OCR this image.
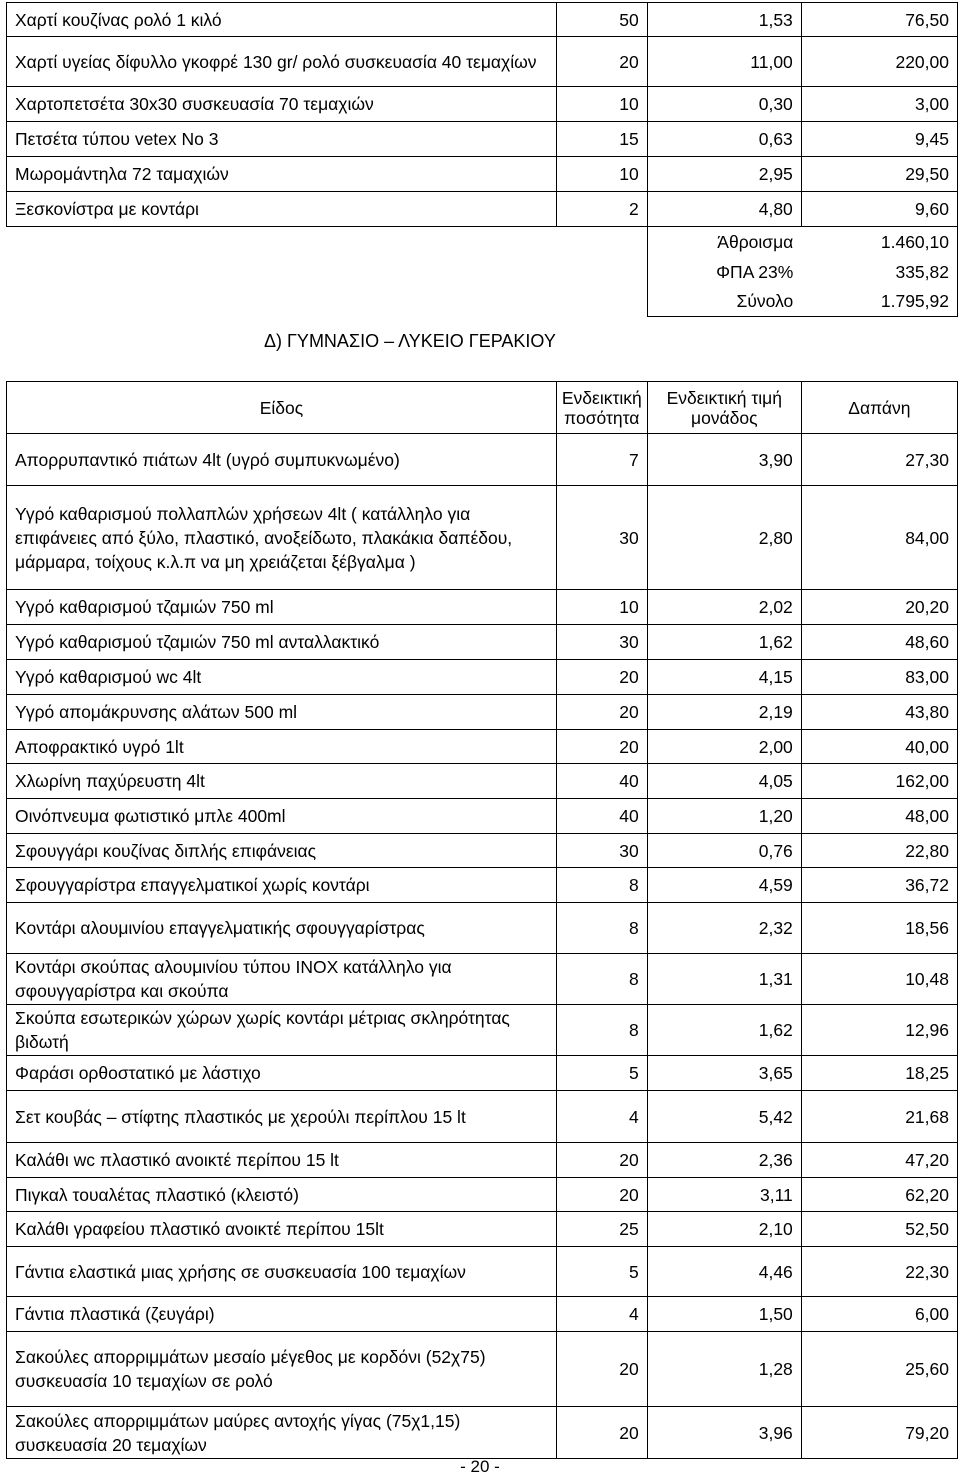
Χαρτί κουζίνας ρολό 1 κιλό	50	1,53	76,50
Χαρτί υγείας δίφυλλο γκοφρέ 130 gr/ ρολό συσκευασία 40 τεμαχίων	20	11,00	220,00
Χαρτοπετσέτα 30x30 συσκευασία 70 τεμαχιών	10	0,30	3,00
Πετσέτα τύπου vetex No 3	15	0,63	9,45
Μωρομάντηλα 72 ταμαχιών	10	2,95	29,50
Ξεσκονίστρα με κοντάρι	2	4,80	9,60
		Άθροισμα	1.460,10
		ΦΠΑ 23%	335,82
		Σύνολο	1.795,92
Δ) ΓΥΜΝΑΣΙΟ – ΛΥΚΕΙΟ ΓΕΡΑΚΙΟΥ
Είδος	Ενδεικτική ποσότητα	Ενδεικτική τιμή μονάδος	Δαπάνη
Απορρυπαντικό πιάτων 4lt (υγρό συμπυκνωμένο)	7	3,90	27,30
Υγρό καθαρισμού πολλαπλών χρήσεων 4lt ( κατάλληλο για επιφάνειες από ξύλο, πλαστικό, ανοξείδωτο, πλακάκια δαπέδου, μάρμαρα, τοίχους κ.λ.π να μη χρειάζεται ξέβγαλμα )	30	2,80	84,00
Υγρό καθαρισμού τζαμιών 750 ml	10	2,02	20,20
Υγρό καθαρισμού τζαμιών 750 ml ανταλλακτικό	30	1,62	48,60
Υγρό καθαρισμού wc 4lt	20	4,15	83,00
Υγρό απομάκρυνσης αλάτων 500 ml	20	2,19	43,80
Αποφρακτικό υγρό 1lt	20	2,00	40,00
Χλωρίνη παχύρευστη 4lt	40	4,05	162,00
Οινόπνευμα φωτιστικό μπλε 400ml	40	1,20	48,00
Σφουγγάρι κουζίνας διπλής επιφάνειας	30	0,76	22,80
Σφουγγαρίστρα επαγγελματικοί χωρίς κοντάρι	8	4,59	36,72
Κοντάρι αλουμινίου επαγγελματικής σφουγγαρίστρας	8	2,32	18,56
Κοντάρι σκούπας αλουμινίου τύπου INOX κατάλληλο για σφουγγαρίστρα και σκούπα	8	1,31	10,48
Σκούπα εσωτερικών χώρων χωρίς κοντάρι μέτριας σκληρότητας βιδωτή	8	1,62	12,96
Φαράσι ορθοστατικό με λάστιχο	5	3,65	18,25
Σετ κουβάς – στίφτης πλαστικός με χερούλι περίπλου 15 lt	4	5,42	21,68
Καλάθι wc πλαστικό ανοικτέ περίπου 15 lt	20	2,36	47,20
Πιγκαλ τουαλέτας πλαστικό (κλειστό)	20	3,11	62,20
Καλάθι γραφείου πλαστικό ανοικτέ περίπου 15lt	25	2,10	52,50
Γάντια ελαστικά μιας χρήσης σε συσκευασία 100 τεμαχίων	5	4,46	22,30
Γάντια πλαστικά (ζευγάρι)	4	1,50	6,00
Σακούλες απορριμμάτων μεσαίο μέγεθος με κορδόνι (52χ75) συσκευασία 10 τεμαχίων σε ρολό	20	1,28	25,60
Σακούλες απορριμμάτων μαύρες αντοχής γίγας (75χ1,15) συσκευασία 20 τεμαχίων	20	3,96	79,20
- 20 -
